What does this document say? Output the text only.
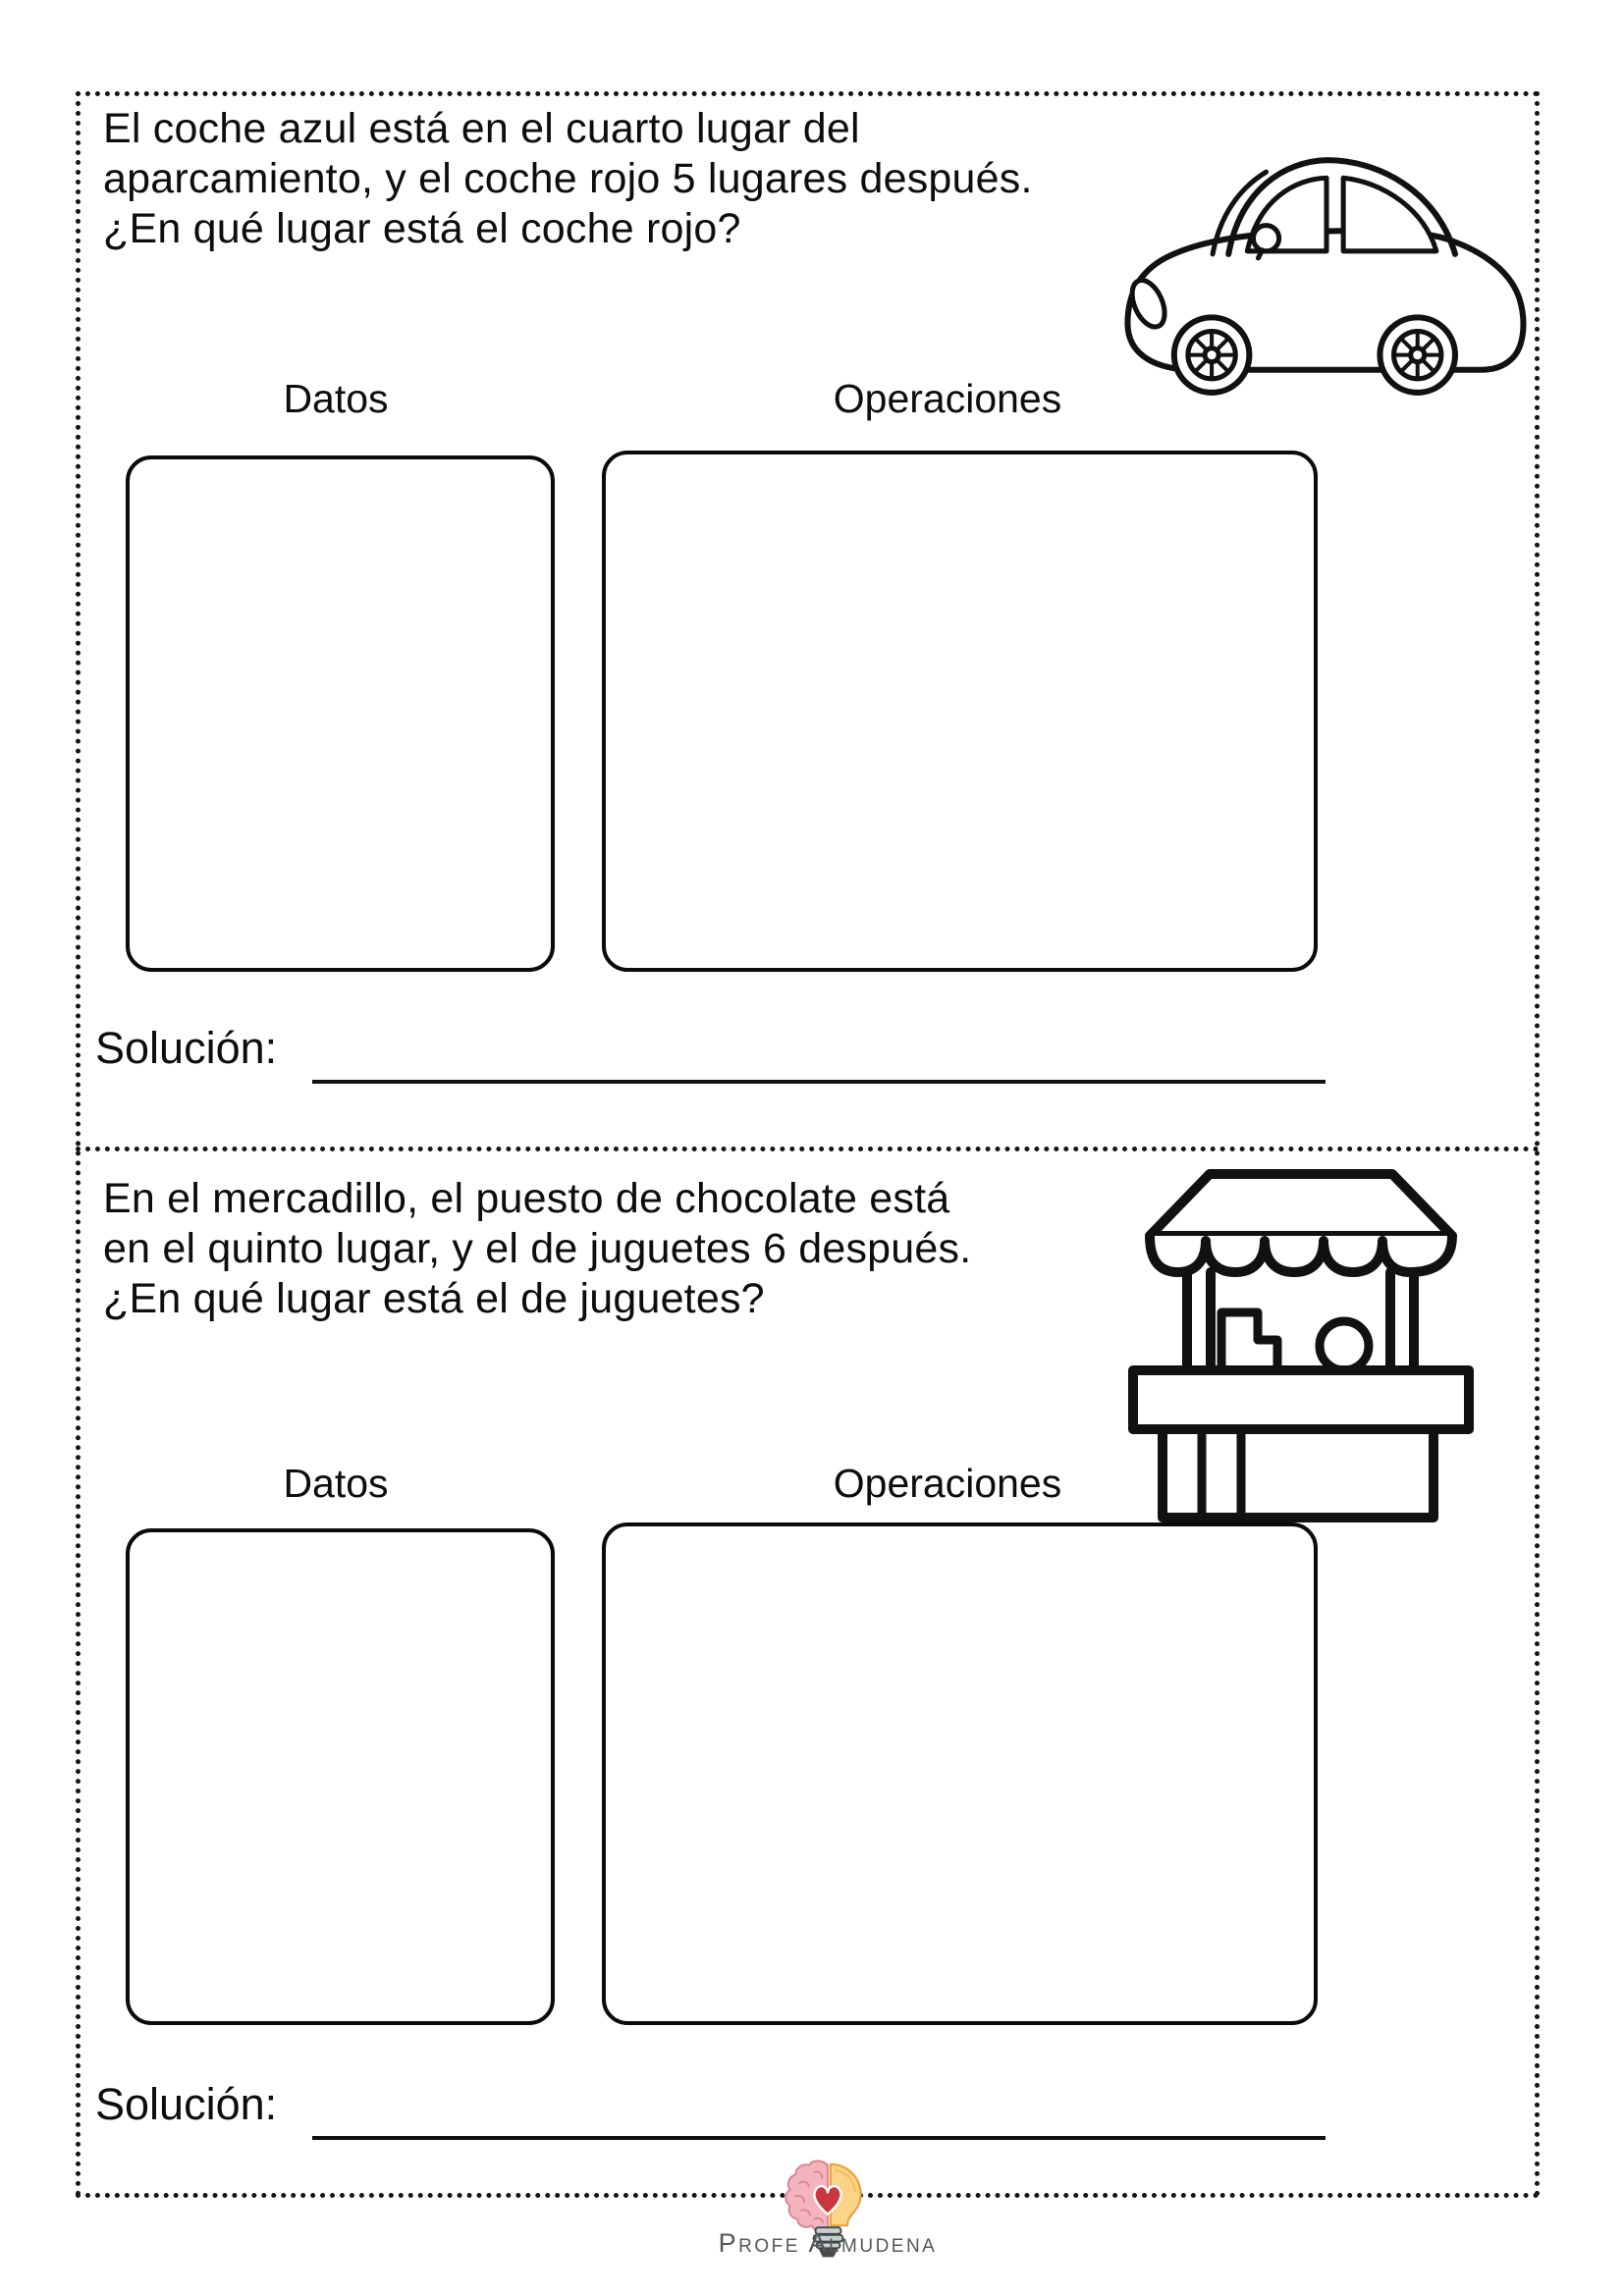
El coche azul está en el cuarto lugar del
aparcamiento, y el coche rojo 5 lugares después.
¿En qué lugar está el coche rojo?
Datos	Operaciones
Solución:
En el mercadillo, el puesto de chocolate está
en el quinto lugar, y el de juguetes 6 después.
¿En qué lugar está el de juguetes?
Datos	Operaciones
Solución:
Profe Almudena
